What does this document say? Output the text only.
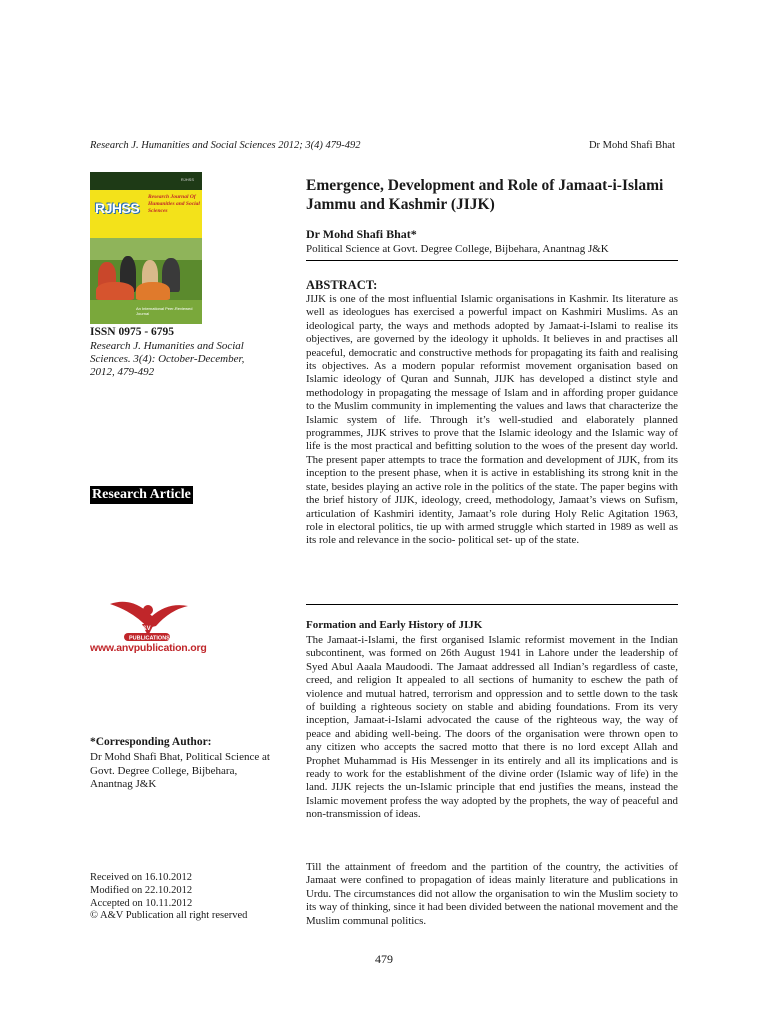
Research J. Humanities and Social Sciences 2012; 3(4) 479-492	Dr Mohd Shafi Bhat
RJHSS
RJHSS
Research Journal Of Humanities and Social Sciences
An International Peer-Reviewed Journal
ISSN 0975 - 6795
Research J. Humanities and Social Sciences. 3(4): October-December, 2012, 479-492
Research Article
A&V
PUBLICATIONS
www.anvpublication.org
*Corresponding Author:
Dr Mohd Shafi Bhat, Political Science at Govt. Degree College, Bijbehara, Anantnag J&K
Received on 16.10.2012
Modified on 22.10.2012
Accepted on 10.11.2012
© A&V Publication all right reserved
Emergence, Development and Role of Jamaat-i-Islami Jammu and Kashmir (JIJK)
Dr Mohd Shafi Bhat*
Political Science at Govt. Degree College, Bijbehara, Anantnag J&K
ABSTRACT:
JIJK is one of the most influential Islamic organisations in Kashmir. Its literature as well as ideologues has exercised a powerful impact on Kashmiri Muslims. As an ideological party, the ways and methods adopted by Jamaat-i-Islami to realise its objectives, are governed by the ideology it upholds. It believes in and practises all peaceful, democratic and constructive methods for propagating its faith and realising its objectives. As a modern popular reformist movement organisation based on Islamic ideology of Quran and Sunnah, JIJK has developed a distinct style and methodology in propagating the message of Islam and in affording proper guidance to the Muslim community in implementing the values and laws that characterize the Islamic system of life. Through it’s well-studied and elaborately planned programmes, JIJK strives to prove that the Islamic ideology and the Islamic way of life is the most practical and befitting solution to the woes of the present day world. The present paper attempts to trace the formation and development of JIJK, from its inception to the present phase, when it is active in establishing its strong knit in the state, besides playing an active role in the politics of the state. The paper begins with the brief history of JIJK, ideology, creed, methodology, Jamaat’s views on Sufism, articulation of Kashmiri identity, Jamaat’s role during Holy Relic Agitation 1963, role in electoral politics, tie up with armed struggle which started in 1989 as well as its role and relevance in the socio- political set- up of the state.
Formation and Early History of JIJK
The Jamaat-i-Islami, the first organised Islamic reformist movement in the Indian subcontinent, was formed on 26th August 1941 in Lahore under the leadership of Syed Abul Aaala Maudoodi. The Jamaat addressed all Indian’s regardless of caste, creed, and religion It appealed to all sections of humanity to eschew the path of violence and mutual hatred, terrorism and oppression and to settle down to the task of building a righteous society on stable and abiding foundations. From its very inception, Jamaat-i-Islami advocated the cause of the righteous way, the way of peace and abiding well-being. The doors of the organisation were thrown open to any citizen who accepts the sacred motto that there is no lord except Allah and Prophet Muhammad is His Messenger in its entirely and all its implications and is ready to work for the establishment of the divine order (Islamic way of life) in the land. JIJK rejects the un-Islamic principle that end justifies the means, instead the Islamic movement profess the way adopted by the prophets, the way of peaceful and non-transmission of ideas.
Till the attainment of freedom and the partition of the country, the activities of Jamaat were confined to propagation of ideas mainly literature and publications in Urdu. The circumstances did not allow the organisation to win the Muslim society to its way of thinking, since it had been divided between the national movement and the Muslim communal politics.
479
